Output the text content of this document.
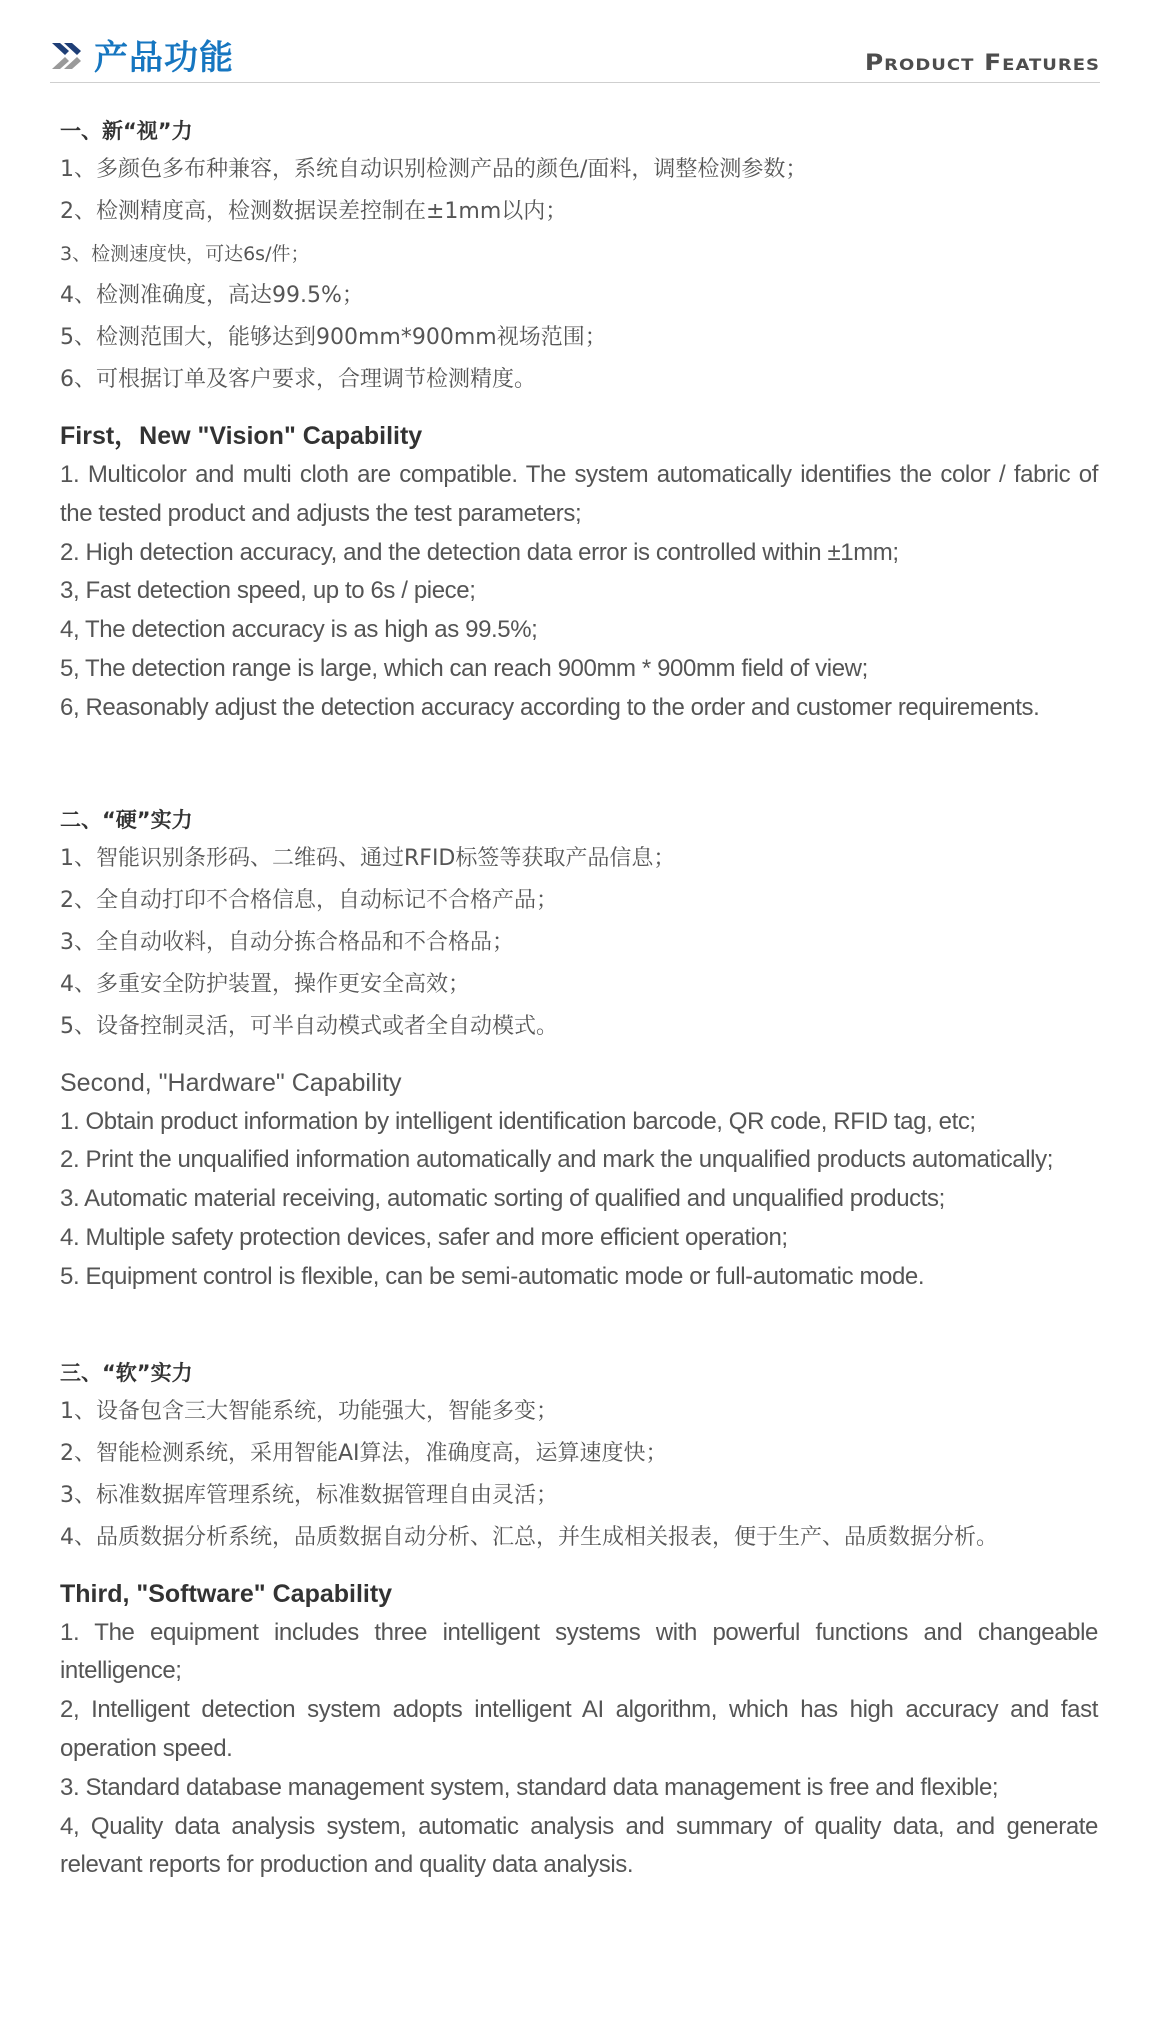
产品功能	Product Features

一、新“视”力

1、多颜色多布种兼容，系统自动识别检测产品的颜色/面料，调整检测参数；

2、检测精度高，检测数据误差控制在±1mm以内；

3、检测速度快，可达6s/件；

4、检测准确度，高达99.5%；

5、检测范围大，能够达到900mm*900mm视场范围；

6、可根据订单及客户要求，合理调节检测精度。

First，New "Vision" Capability

1. Multicolor and multi cloth are compatible. The system automatically identifies the color / fabric of the tested product and adjusts the test parameters;

2. High detection accuracy, and the detection data error is controlled within ±1mm;

3, Fast detection speed, up to 6s / piece;

4, The detection accuracy is as high as 99.5%;

5, The detection range is large, which can reach 900mm * 900mm field of view;

6, Reasonably adjust the detection accuracy according to the order and customer requirements.

二、“硬”实力

1、智能识别条形码、二维码、通过RFID标签等获取产品信息；

2、全自动打印不合格信息，自动标记不合格产品；

3、全自动收料，自动分拣合格品和不合格品；

4、多重安全防护装置，操作更安全高效；

5、设备控制灵活，可半自动模式或者全自动模式。

Second, "Hardware" Capability

1. Obtain product information by intelligent identification barcode, QR code, RFID tag, etc;

2. Print the unqualified information automatically and mark the unqualified products automatically;

3. Automatic material receiving, automatic sorting of qualified and unqualified products;

4. Multiple safety protection devices, safer and more efficient operation;

5. Equipment control is flexible, can be semi-automatic mode or full-automatic mode.

三、“软”实力

1、设备包含三大智能系统，功能强大，智能多变；

2、智能检测系统，采用智能AI算法，准确度高，运算速度快；

3、标准数据库管理系统，标准数据管理自由灵活；

4、品质数据分析系统，品质数据自动分析、汇总，并生成相关报表，便于生产、品质数据分析。

Third, "Software" Capability

1. The equipment includes three intelligent systems with powerful functions and changeable intelligence;

2, Intelligent detection system adopts intelligent AI algorithm, which has high accuracy and fast operation speed.

3. Standard database management system, standard data management is free and flexible;

4, Quality data analysis system, automatic analysis and summary of quality data, and generate relevant reports for production and quality data analysis.
